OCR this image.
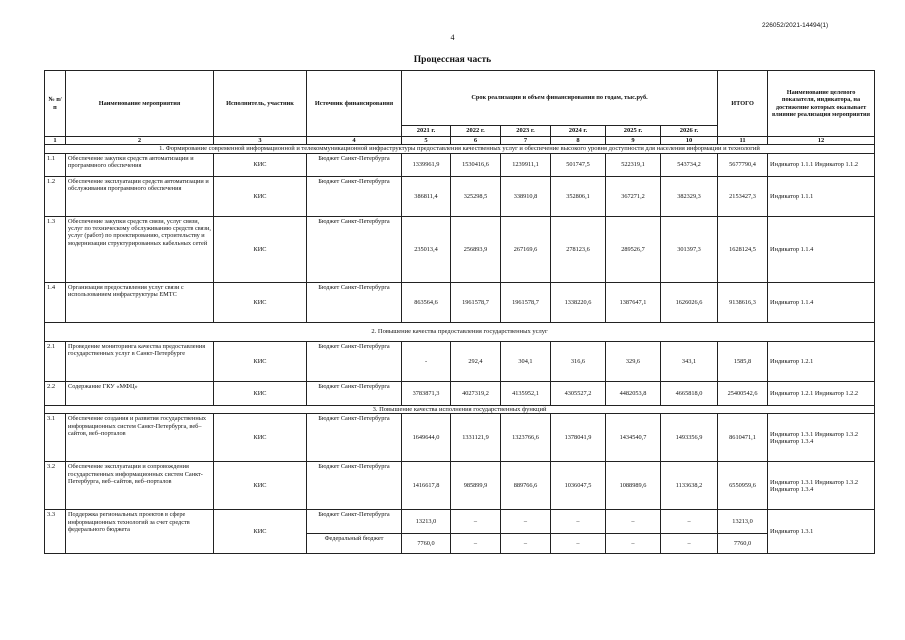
226052/2021-14494(1)
4
Процессная часть
№ п/п	Наименование мероприятия	Исполнитель, участник	Источник финансирования	Срок реализации и объем финансирования по годам, тыс.руб.						ИТОГО	Наименование целевого показателя, индикатора, на достижение которых оказывает влияние реализация мероприятия
				2021 г.	2022 г.	2023 г.	2024 г.	2025 г.	2026 г.		
1	2	3	4	5	6	7	8	9	10	11	12
1. Формирование современной информационной и телекоммуникационной инфраструктуры предоставления качественных услуг и обеспечение высокого уровня доступности для населения информации и технологий											
1.1	Обеспечение закупки средств автоматизации и программного обеспечения	КИС	Бюджет Санкт-Петербурга	1339961,9	1530416,6	1239911,1	501747,5	522319,1	543734,2	5677790,4	Индикатор 1.1.1 Индикатор 1.1.2
1.2	Обеспечение эксплуатации средств автоматизации и обслуживания программного обеспечения	КИС	Бюджет Санкт-Петербурга	386811,4	325298,5	338910,8	352806,1	367271,2	382329,3	2153427,3	Индикатор 1.1.1
1.3	Обеспечение закупки средств связи, услуг связи, услуг по техническому обслуживанию средств связи, услуг (работ) по проектированию, строительству и модернизации структурированных кабельных сетей	КИС	Бюджет Санкт-Петербурга	235013,4	256893,9	267169,6	278123,6	289526,7	301397,3	1628124,5	Индикатор 1.1.4
1.4	Организация предоставления услуг связи с использованием инфраструктуры ЕМТС	КИС	Бюджет Санкт-Петербурга	863564,6	1961578,7	1961578,7	1338220,6	1387647,1	1626026,6	9138616,3	Индикатор 1.1.4
2. Повышение качества предоставления государственных услуг											
2.1	Проведение мониторинга качества предоставления государственных услуг в Санкт-Петербурге	КИС	Бюджет Санкт-Петербурга	-	292,4	304,1	316,6	329,6	343,1	1585,8	Индикатор 1.2.1
2.2	Содержание ГКУ «МФЦ»	КИС	Бюджет Санкт-Петербурга	3783871,3	4027319,2	4135952,1	4305527,2	4482053,8	4665818,0	25400542,6	Индикатор 1.2.1 Индикатор 1.2.2
3. Повышение качества исполнения государственных функций											
3.1	Обеспечение создания и развития государственных информационных систем Санкт-Петербурга, веб–сайтов, веб–порталов	КИС	Бюджет Санкт-Петербурга	1649644,0	1331121,9	1323766,6	1378041,9	1434540,7	1493356,9	8610471,1	Индикатор 1.3.1 Индикатор 1.3.2 Индикатор 1.3.4
3.2	Обеспечение эксплуатации и сопровождения государственных информационных систем Санкт-Петербурга, веб–сайтов, веб–порталов	КИС	Бюджет Санкт-Петербурга	1416617,8	985899,9	889766,6	1036047,5	1088989,6	1133638,2	6550959,6	Индикатор 1.3.1 Индикатор 1.3.2 Индикатор 1.3.4
3.3	Поддержка региональных проектов в сфере информационных технологий за счет средств федерального бюджета	КИС	Бюджет Санкт-Петербурга	13213,0	–	–	–	–	–	13213,0	Индикатор 1.3.1
			Федеральный бюджет	7760,0	–	–	–	–	–	7760,0	
